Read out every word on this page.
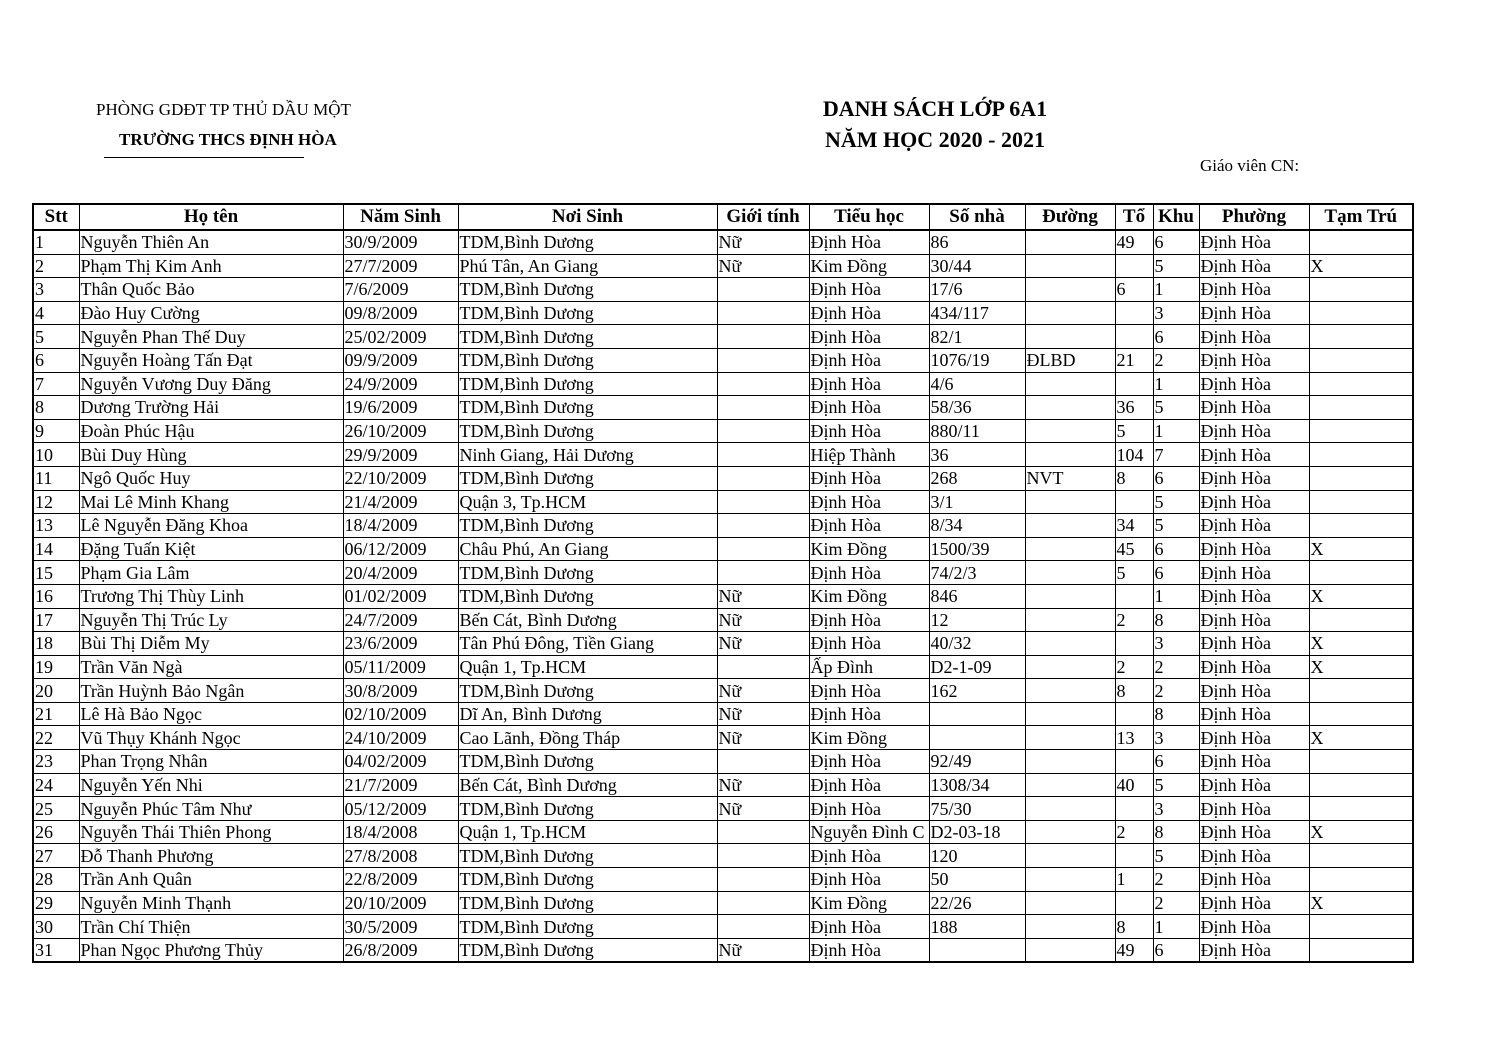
PHÒNG GDĐT TP THỦ DẦU MỘT
TRƯỜNG THCS ĐỊNH HÒA
DANH SÁCH LỚP 6A1
NĂM HỌC 2020 - 2021
Giáo viên CN:
Stt	Họ tên	Năm Sinh	Nơi Sinh	Giới tính	Tiểu học	Số nhà	Đường	Tổ	Khu	Phường	Tạm Trú
1	Nguyễn Thiên An	30/9/2009	TDM,Bình Dương	Nữ	Định Hòa	86		49	6	Định Hòa	
2	Phạm Thị Kim Anh	27/7/2009	Phú Tân, An Giang	Nữ	Kim Đồng	30/44			5	Định Hòa	X
3	Thân Quốc Bảo	7/6/2009	TDM,Bình Dương		Định Hòa	17/6		6	1	Định Hòa	
4	Đào Huy Cường	09/8/2009	TDM,Bình Dương		Định Hòa	434/117			3	Định Hòa	
5	Nguyễn Phan Thế Duy	25/02/2009	TDM,Bình Dương		Định Hòa	82/1			6	Định Hòa	
6	Nguyễn Hoàng Tấn Đạt	09/9/2009	TDM,Bình Dương		Định Hòa	1076/19	ĐLBD	21	2	Định Hòa	
7	Nguyễn Vương Duy Đăng	24/9/2009	TDM,Bình Dương		Định Hòa	4/6			1	Định Hòa	
8	Dương Trường Hải	19/6/2009	TDM,Bình Dương		Định Hòa	58/36		36	5	Định Hòa	
9	Đoàn Phúc Hậu	26/10/2009	TDM,Bình Dương		Định Hòa	880/11		5	1	Định Hòa	
10	Bùi Duy Hùng	29/9/2009	Ninh Giang, Hải Dương		Hiệp Thành	36		104	7	Định Hòa	
11	Ngô Quốc Huy	22/10/2009	TDM,Bình Dương		Định Hòa	268	NVT	8	6	Định Hòa	
12	Mai Lê Minh Khang	21/4/2009	Quận 3, Tp.HCM		Định Hòa	3/1			5	Định Hòa	
13	Lê Nguyễn Đăng Khoa	18/4/2009	TDM,Bình Dương		Định Hòa	8/34		34	5	Định Hòa	
14	Đặng Tuấn Kiệt	06/12/2009	Châu Phú, An Giang		Kim Đồng	1500/39		45	6	Định Hòa	X
15	Phạm Gia Lâm	20/4/2009	TDM,Bình Dương		Định Hòa	74/2/3		5	6	Định Hòa	
16	Trương Thị Thùy Linh	01/02/2009	TDM,Bình Dương	Nữ	Kim Đồng	846			1	Định Hòa	X
17	Nguyễn Thị Trúc Ly	24/7/2009	Bến Cát, Bình Dương	Nữ	Định Hòa	12		2	8	Định Hòa	
18	Bùi Thị Diễm My	23/6/2009	Tân Phú Đông, Tiền Giang	Nữ	Định Hòa	40/32			3	Định Hòa	X
19	Trần Văn Ngà	05/11/2009	Quận 1, Tp.HCM		Ấp Đình	D2-1-09		2	2	Định Hòa	X
20	Trần Huỳnh Bảo Ngân	30/8/2009	TDM,Bình Dương	Nữ	Định Hòa	162		8	2	Định Hòa	
21	Lê Hà Bảo Ngọc	02/10/2009	Dĩ An, Bình Dương	Nữ	Định Hòa				8	Định Hòa	
22	Vũ Thụy Khánh Ngọc	24/10/2009	Cao Lãnh, Đồng Tháp	Nữ	Kim Đồng			13	3	Định Hòa	X
23	Phan Trọng Nhân	04/02/2009	TDM,Bình Dương		Định Hòa	92/49			6	Định Hòa	
24	Nguyễn Yến Nhi	21/7/2009	Bến Cát, Bình Dương	Nữ	Định Hòa	1308/34		40	5	Định Hòa	
25	Nguyễn Phúc Tâm Như	05/12/2009	TDM,Bình Dương	Nữ	Định Hòa	75/30			3	Định Hòa	
26	Nguyễn Thái Thiên Phong	18/4/2008	Quận 1, Tp.HCM		Nguyễn Đình C	D2-03-18		2	8	Định Hòa	X
27	Đỗ Thanh Phương	27/8/2008	TDM,Bình Dương		Định Hòa	120			5	Định Hòa	
28	Trần Anh Quân	22/8/2009	TDM,Bình Dương		Định Hòa	50		1	2	Định Hòa	
29	Nguyễn Minh Thạnh	20/10/2009	TDM,Bình Dương		Kim Đồng	22/26			2	Định Hòa	X
30	Trần Chí Thiện	30/5/2009	TDM,Bình Dương		Định Hòa	188		8	1	Định Hòa	
31	Phan Ngọc Phương Thủy	26/8/2009	TDM,Bình Dương	Nữ	Định Hòa			49	6	Định Hòa	
